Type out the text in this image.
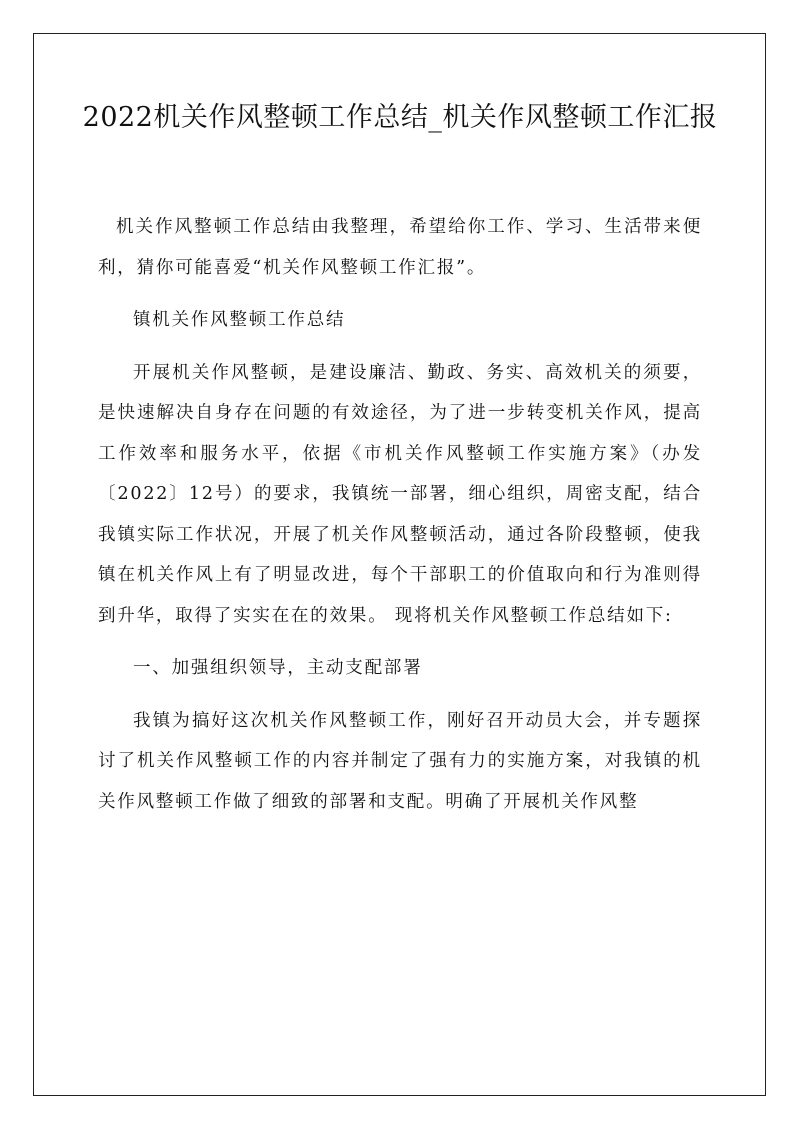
2022机关作风整顿工作总结_机关作风整顿工作汇报

机关作风整顿工作总结由我整理，希望给你工作、学习、生活带来便利，猜你可能喜爱“机关作风整顿工作汇报”。

镇机关作风整顿工作总结

开展机关作风整顿，是建设廉洁、勤政、务实、高效机关的须要，是快速解决自身存在问题的有效途径，为了进一步转变机关作风，提高工作效率和服务水平，依据《市机关作风整顿工作实施方案》（办发〔2022〕12号）的要求，我镇统一部署，细心组织，周密支配，结合我镇实际工作状况，开展了机关作风整顿活动，通过各阶段整顿，使我镇在机关作风上有了明显改进，每个干部职工的价值取向和行为准则得到升华，取得了实实在在的效果。 现将机关作风整顿工作总结如下:

一、加强组织领导，主动支配部署

我镇为搞好这次机关作风整顿工作，刚好召开动员大会，并专题探讨了机关作风整顿工作的内容并制定了强有力的实施方案，对我镇的机关作风整顿工作做了细致的部署和支配。明确了开展机关作风整
